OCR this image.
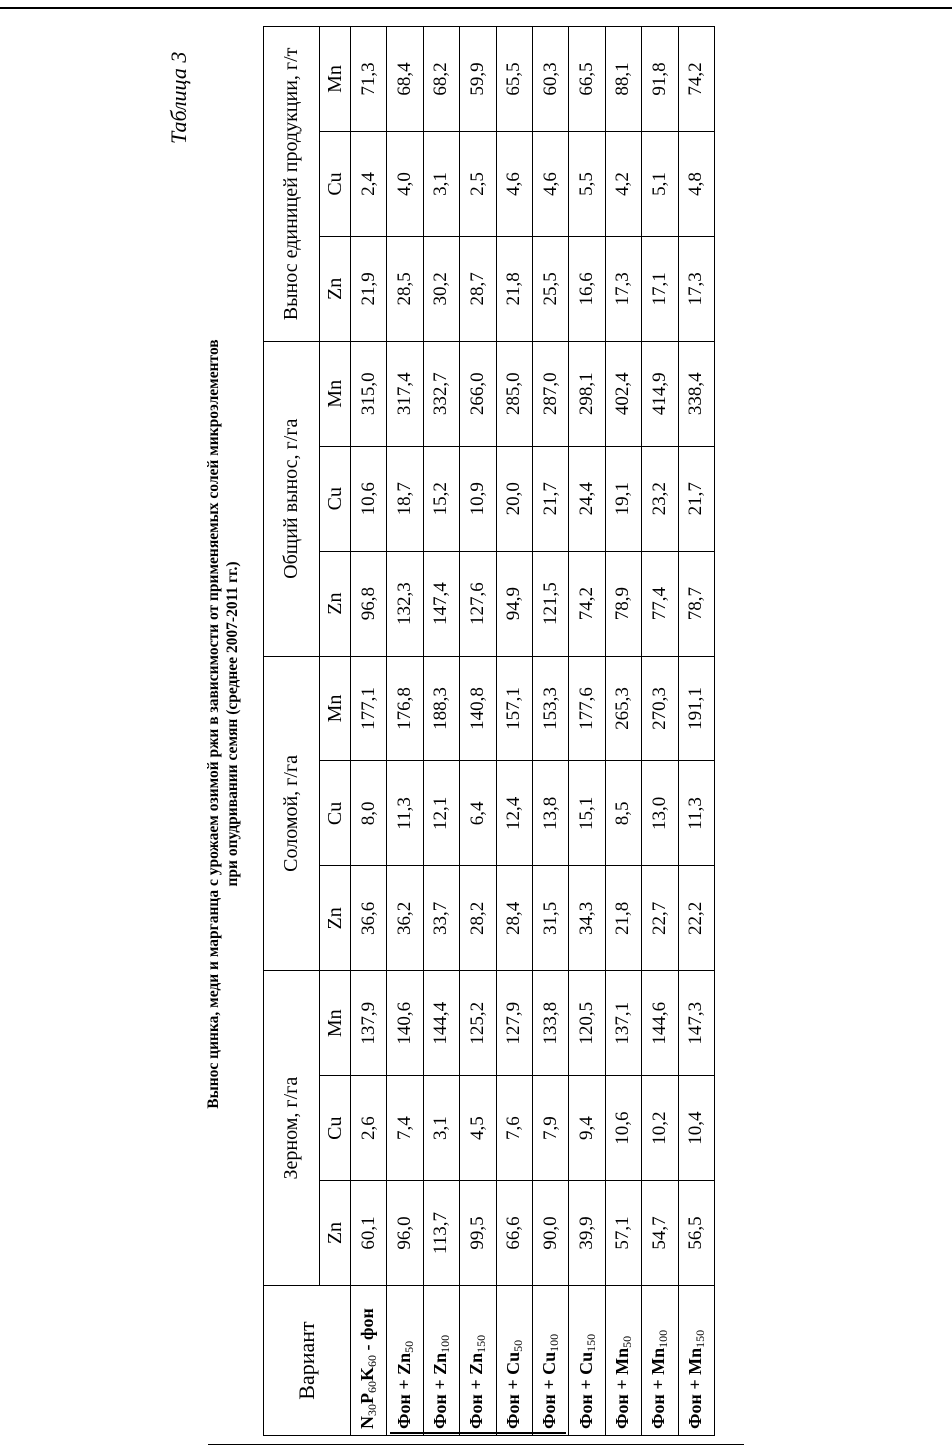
Таблица 3
Вынос цинка, меди и марганца с урожаем озимой ржи в зависимости от применяемых солей микроэлементов при опудривании семян (среднее 2007-2011 гг.)
Вариант	Зерном, г/га			Соломой, г/га			Общий вынос, г/га			Вынос единицей продукции, г/т		
	Zn	Cu	Mn	Zn	Cu	Mn	Zn	Cu	Mn	Zn	Cu	Mn
$N_{30}P_{60}K_{60}$ - фон	60,1	2,6	137,9	36,6	8,0	177,1	96,8	10,6	315,0	21,9	2,4	71,3
Фон + $Zn_{50}$	96,0	7,4	140,6	36,2	11,3	176,8	132,3	18,7	317,4	28,5	4,0	68,4
Фон + $Zn_{100}$	113,7	3,1	144,4	33,7	12,1	188,3	147,4	15,2	332,7	30,2	3,1	68,2
Фон + $Zn_{150}$	99,5	4,5	125,2	28,2	6,4	140,8	127,6	10,9	266,0	28,7	2,5	59,9
Фон + $Cu_{50}$	66,6	7,6	127,9	28,4	12,4	157,1	94,9	20,0	285,0	21,8	4,6	65,5
Фон + $Cu_{100}$	90,0	7,9	133,8	31,5	13,8	153,3	121,5	21,7	287,0	25,5	4,6	60,3
Фон + $Cu_{150}$	39,9	9,4	120,5	34,3	15,1	177,6	74,2	24,4	298,1	16,6	5,5	66,5
Фон + $Mn_{50}$	57,1	10,6	137,1	21,8	8,5	265,3	78,9	19,1	402,4	17,3	4,2	88,1
Фон + $Mn_{100}$	54,7	10,2	144,6	22,7	13,0	270,3	77,4	23,2	414,9	17,1	5,1	91,8
Фон + $Mn_{150}$	56,5	10,4	147,3	22,2	11,3	191,1	78,7	21,7	338,4	17,3	4,8	74,2
